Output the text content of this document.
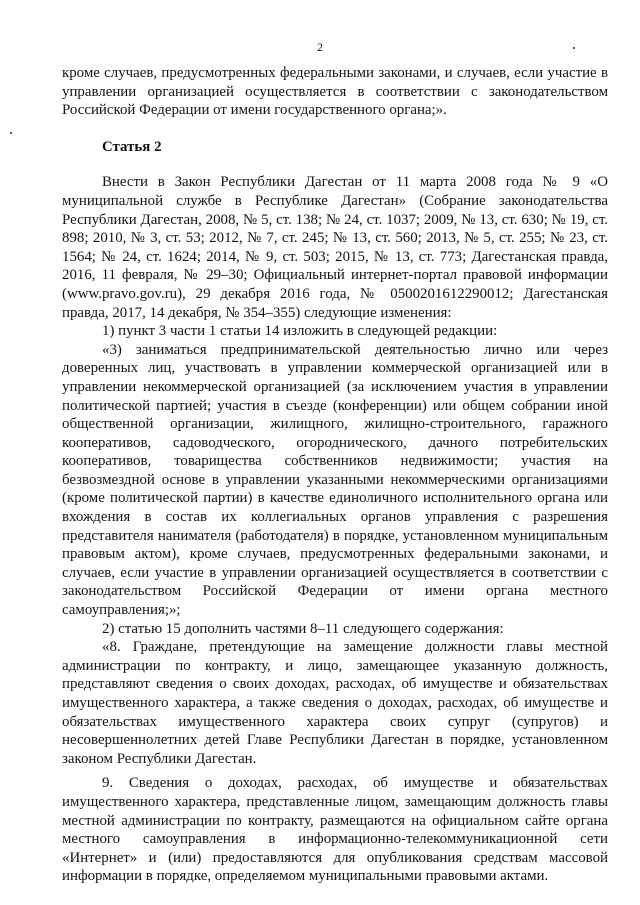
2

кроме случаев, предусмотренных федеральными законами, и случаев, если участие в управлении организацией осуществляется в соответствии с законодательством Российской Федерации от имени государственного органа;».

Статья 2

Внести в Закон Республики Дагестан от 11 марта 2008 года № 9 «О муниципальной службе в Республике Дагестан» (Собрание законодательства Республики Дагестан, 2008, № 5, ст. 138; № 24, ст. 1037; 2009, № 13, ст. 630; № 19, ст. 898; 2010, № 3, ст. 53; 2012, № 7, ст. 245; № 13, ст. 560; 2013, № 5, ст. 255; № 23, ст. 1564; № 24, ст. 1624; 2014, № 9, ст. 503; 2015, № 13, ст. 773; Дагестанская правда, 2016, 11 февраля, № 29–30; Официальный интернет-портал правовой информации (www.pravo.gov.ru), 29 декабря 2016 года, № 0500201612290012; Дагестанская правда, 2017, 14 декабря, № 354–355) следующие изменения:

1) пункт 3 части 1 статьи 14 изложить в следующей редакции:

«3) заниматься предпринимательской деятельностью лично или через доверенных лиц, участвовать в управлении коммерческой организацией или в управлении некоммерческой организацией (за исключением участия в управлении политической партией; участия в съезде (конференции) или общем собрании иной общественной организации, жилищного, жилищно-строительного, гаражного кооперативов, садоводческого, огороднического, дачного потребительских кооперативов, товарищества собственников недвижимости; участия на безвозмездной основе в управлении указанными некоммерческими организациями (кроме политической партии) в качестве единоличного исполнительного органа или вхождения в состав их коллегиальных органов управления с разрешения представителя нанимателя (работодателя) в порядке, установленном муниципальным правовым актом), кроме случаев, предусмотренных федеральными законами, и случаев, если участие в управлении организацией осуществляется в соответствии с законодательством Российской Федерации от имени органа местного самоуправления;»;

2) статью 15 дополнить частями 8–11 следующего содержания:

«8. Граждане, претендующие на замещение должности главы местной администрации по контракту, и лицо, замещающее указанную должность, представляют сведения о своих доходах, расходах, об имуществе и обязательствах имущественного характера, а также сведения о доходах, расходах, об имуществе и обязательствах имущественного характера своих супруг (супругов) и несовершеннолетних детей Главе Республики Дагестан в порядке, установленном законом Республики Дагестан.

9. Сведения о доходах, расходах, об имуществе и обязательствах имущественного характера, представленные лицом, замещающим должность главы местной администрации по контракту, размещаются на официальном сайте органа местного самоуправления в информационно-телекоммуникационной сети «Интернет» и (или) предоставляются для опубликования средствам массовой информации в порядке, определяемом муниципальными правовыми актами.
